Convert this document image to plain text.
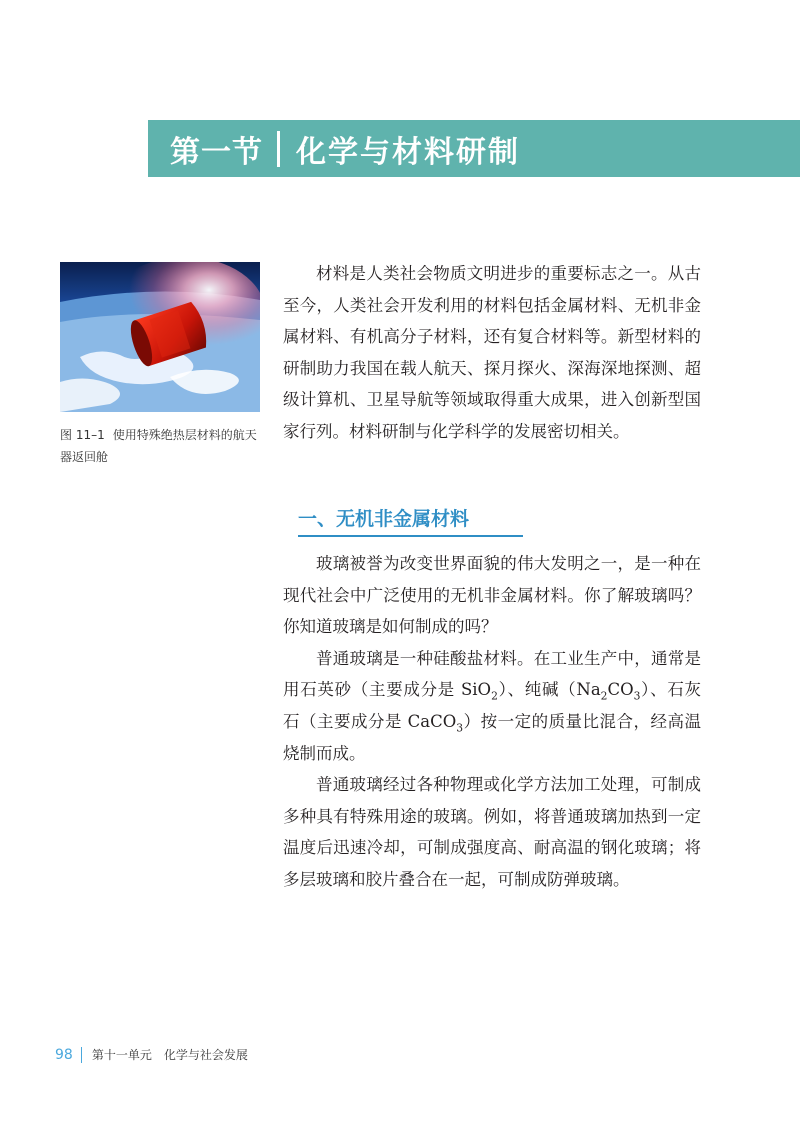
第一节 化学与材料研制
图 11–1 使用特殊绝热层材料的航天器返回舱

材料是人类社会物质文明进步的重要标志之一。从古至今，人类社会开发利用的材料包括金属材料、无机非金属材料、有机高分子材料，还有复合材料等。新型材料的研制助力我国在载人航天、探月探火、深海深地探测、超级计算机、卫星导航等领域取得重大成果，进入创新型国家行列。材料研制与化学科学的发展密切相关。

一、无机非金属材料

玻璃被誉为改变世界面貌的伟大发明之一，是一种在现代社会中广泛使用的无机非金属材料。你了解玻璃吗？你知道玻璃是如何制成的吗？

普通玻璃是一种硅酸盐材料。在工业生产中，通常是用石英砂（主要成分是 SiO$_2$）、纯碱$(Na_2CO_3)$、石灰石（主要成分是 CaCO$_3$）按一定的质量比混合，经高温烧制而成。

普通玻璃经过各种物理或化学方法加工处理，可制成多种具有特殊用途的玻璃。例如，将普通玻璃加热到一定温度后迅速冷却，可制成强度高、耐高温的钢化玻璃；将多层玻璃和胶片叠合在一起，可制成防弹玻璃。

98 第十一单元　化学与社会发展
